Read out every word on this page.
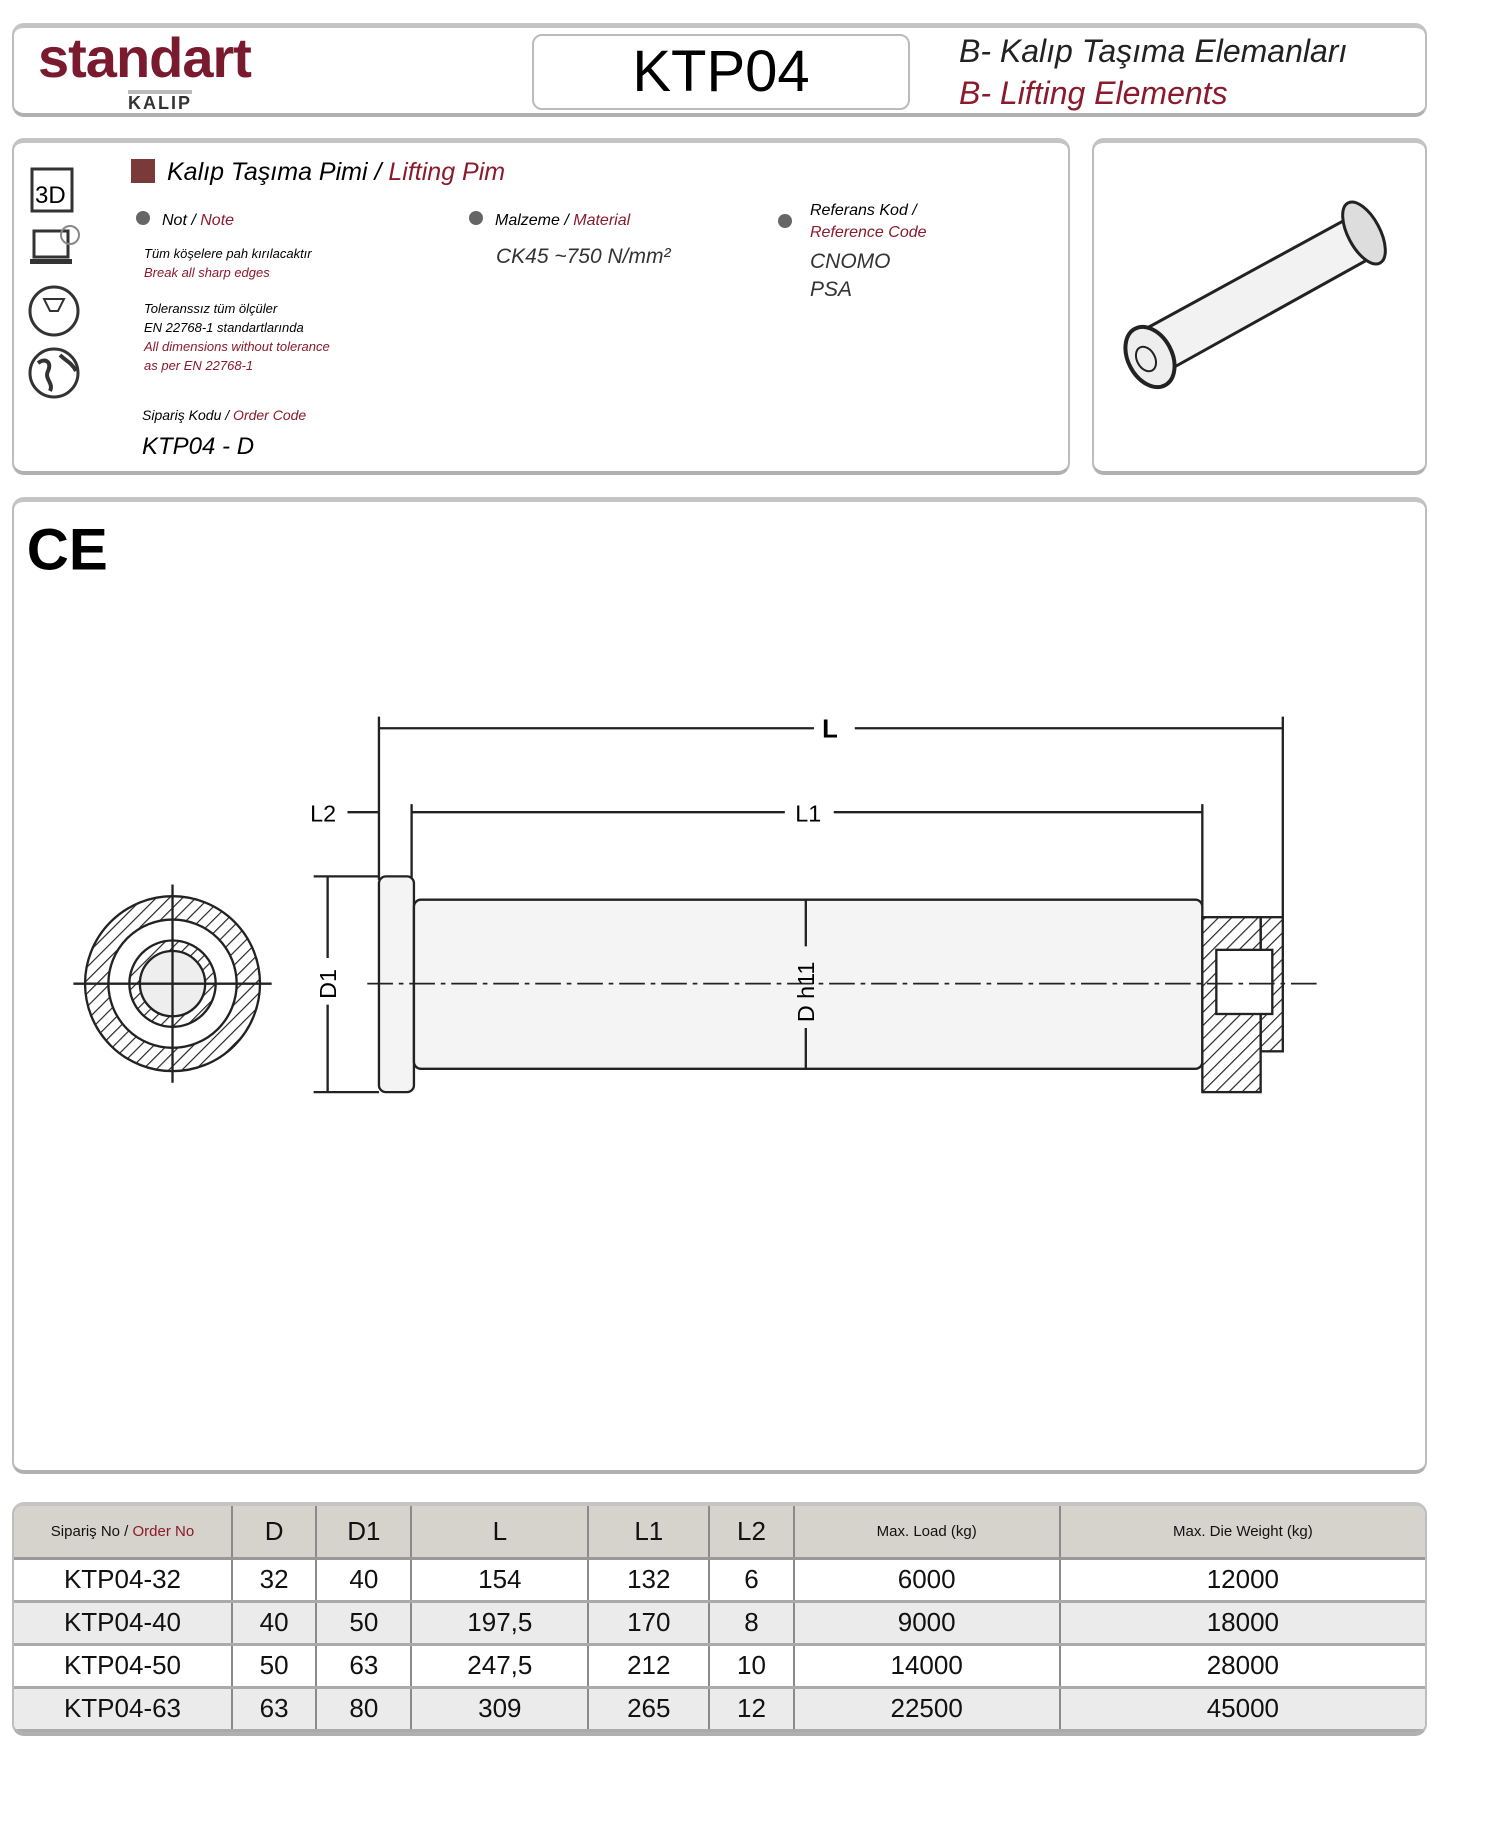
standart
KALIP	KTP04	B- Kalıp Taşıma Elemanları
B- Lifting Elements
3D
Kalıp Taşıma Pimi / Lifting Pim
Not / Note
Tüm köşelere pah kırılacaktır
Break all sharp edges
Toleranssız tüm ölçüler
EN 22768-1 standartlarında
All dimensions without tolerance
as per EN 22768-1
Sipariş Kodu / Order Code
KTP04 - D
Malzeme / Material
CK45 ~750 N/mm²
Referans Kod /
Reference Code
CNOMO
PSA
CE
L
L1
L2
D1	D h11
Sipariş No / Order No	D	D1	L	L1	L2	Max. Load (kg)	Max. Die Weight (kg)
KTP04-32	32	40	154	132	6	6000	12000
KTP04-40	40	50	197,5	170	8	9000	18000
KTP04-50	50	63	247,5	212	10	14000	28000
KTP04-63	63	80	309	265	12	22500	45000
